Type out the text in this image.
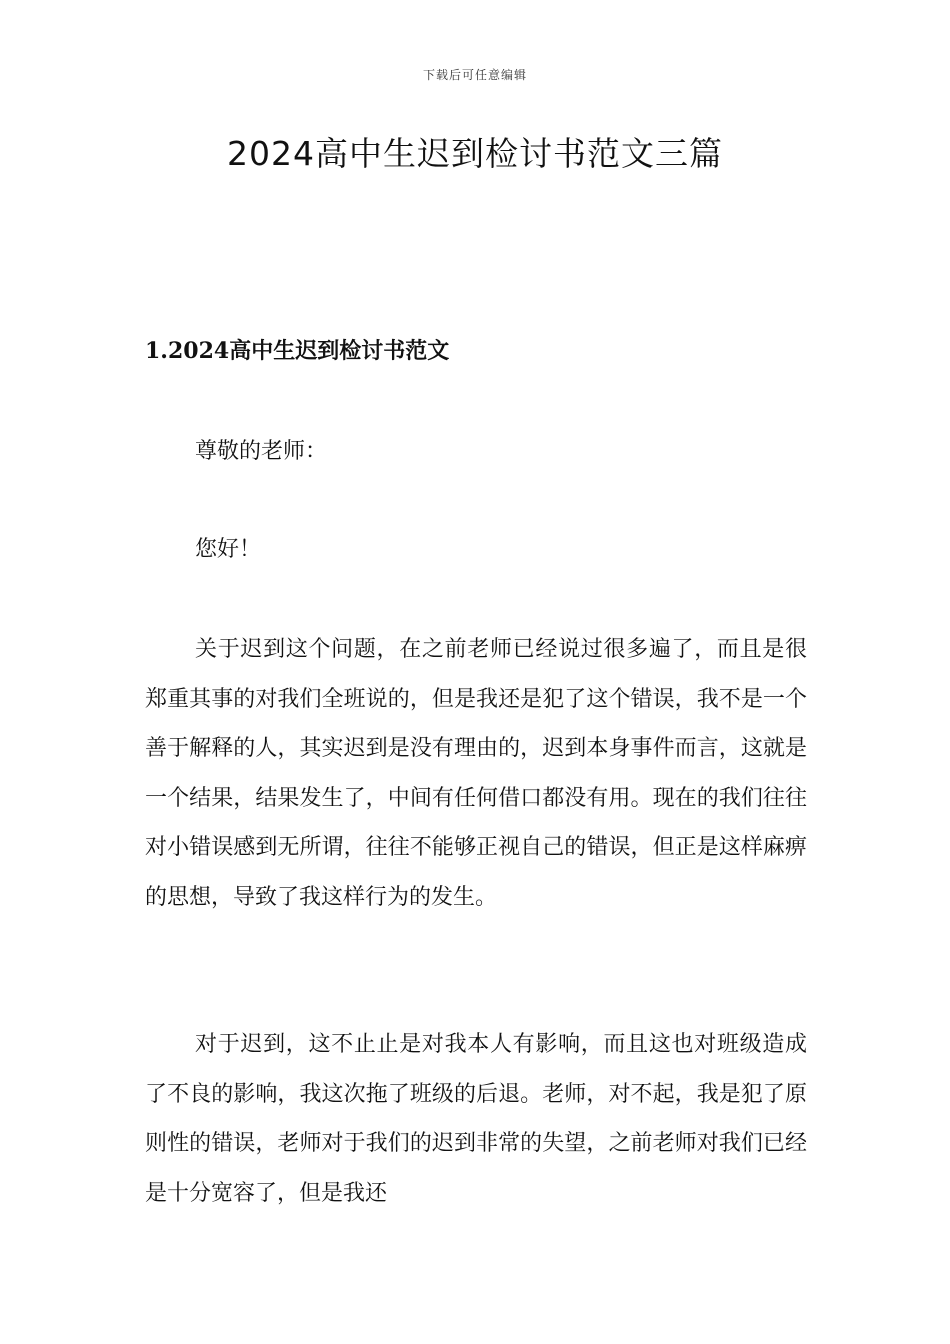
下载后可任意编辑
2024高中生迟到检讨书范文三篇
1.2024高中生迟到检讨书范文
尊敬的老师：
您好！

关于迟到这个问题，在之前老师已经说过很多遍了，而且是很郑重其事的对我们全班说的，但是我还是犯了这个错误，我不是一个善于解释的人，其实迟到是没有理由的，迟到本身事件而言，这就是一个结果，结果发生了，中间有任何借口都没有用。现在的我们往往对小错误感到无所谓，往往不能够正视自己的错误，但正是这样麻痹的思想，导致了我这样行为的发生。

对于迟到，这不止止是对我本人有影响，而且这也对班级造成了不良的影响，我这次拖了班级的后退。老师，对不起，我是犯了原则性的错误，老师对于我们的迟到非常的失望，之前老师对我们已经是十分宽容了，但是我还
